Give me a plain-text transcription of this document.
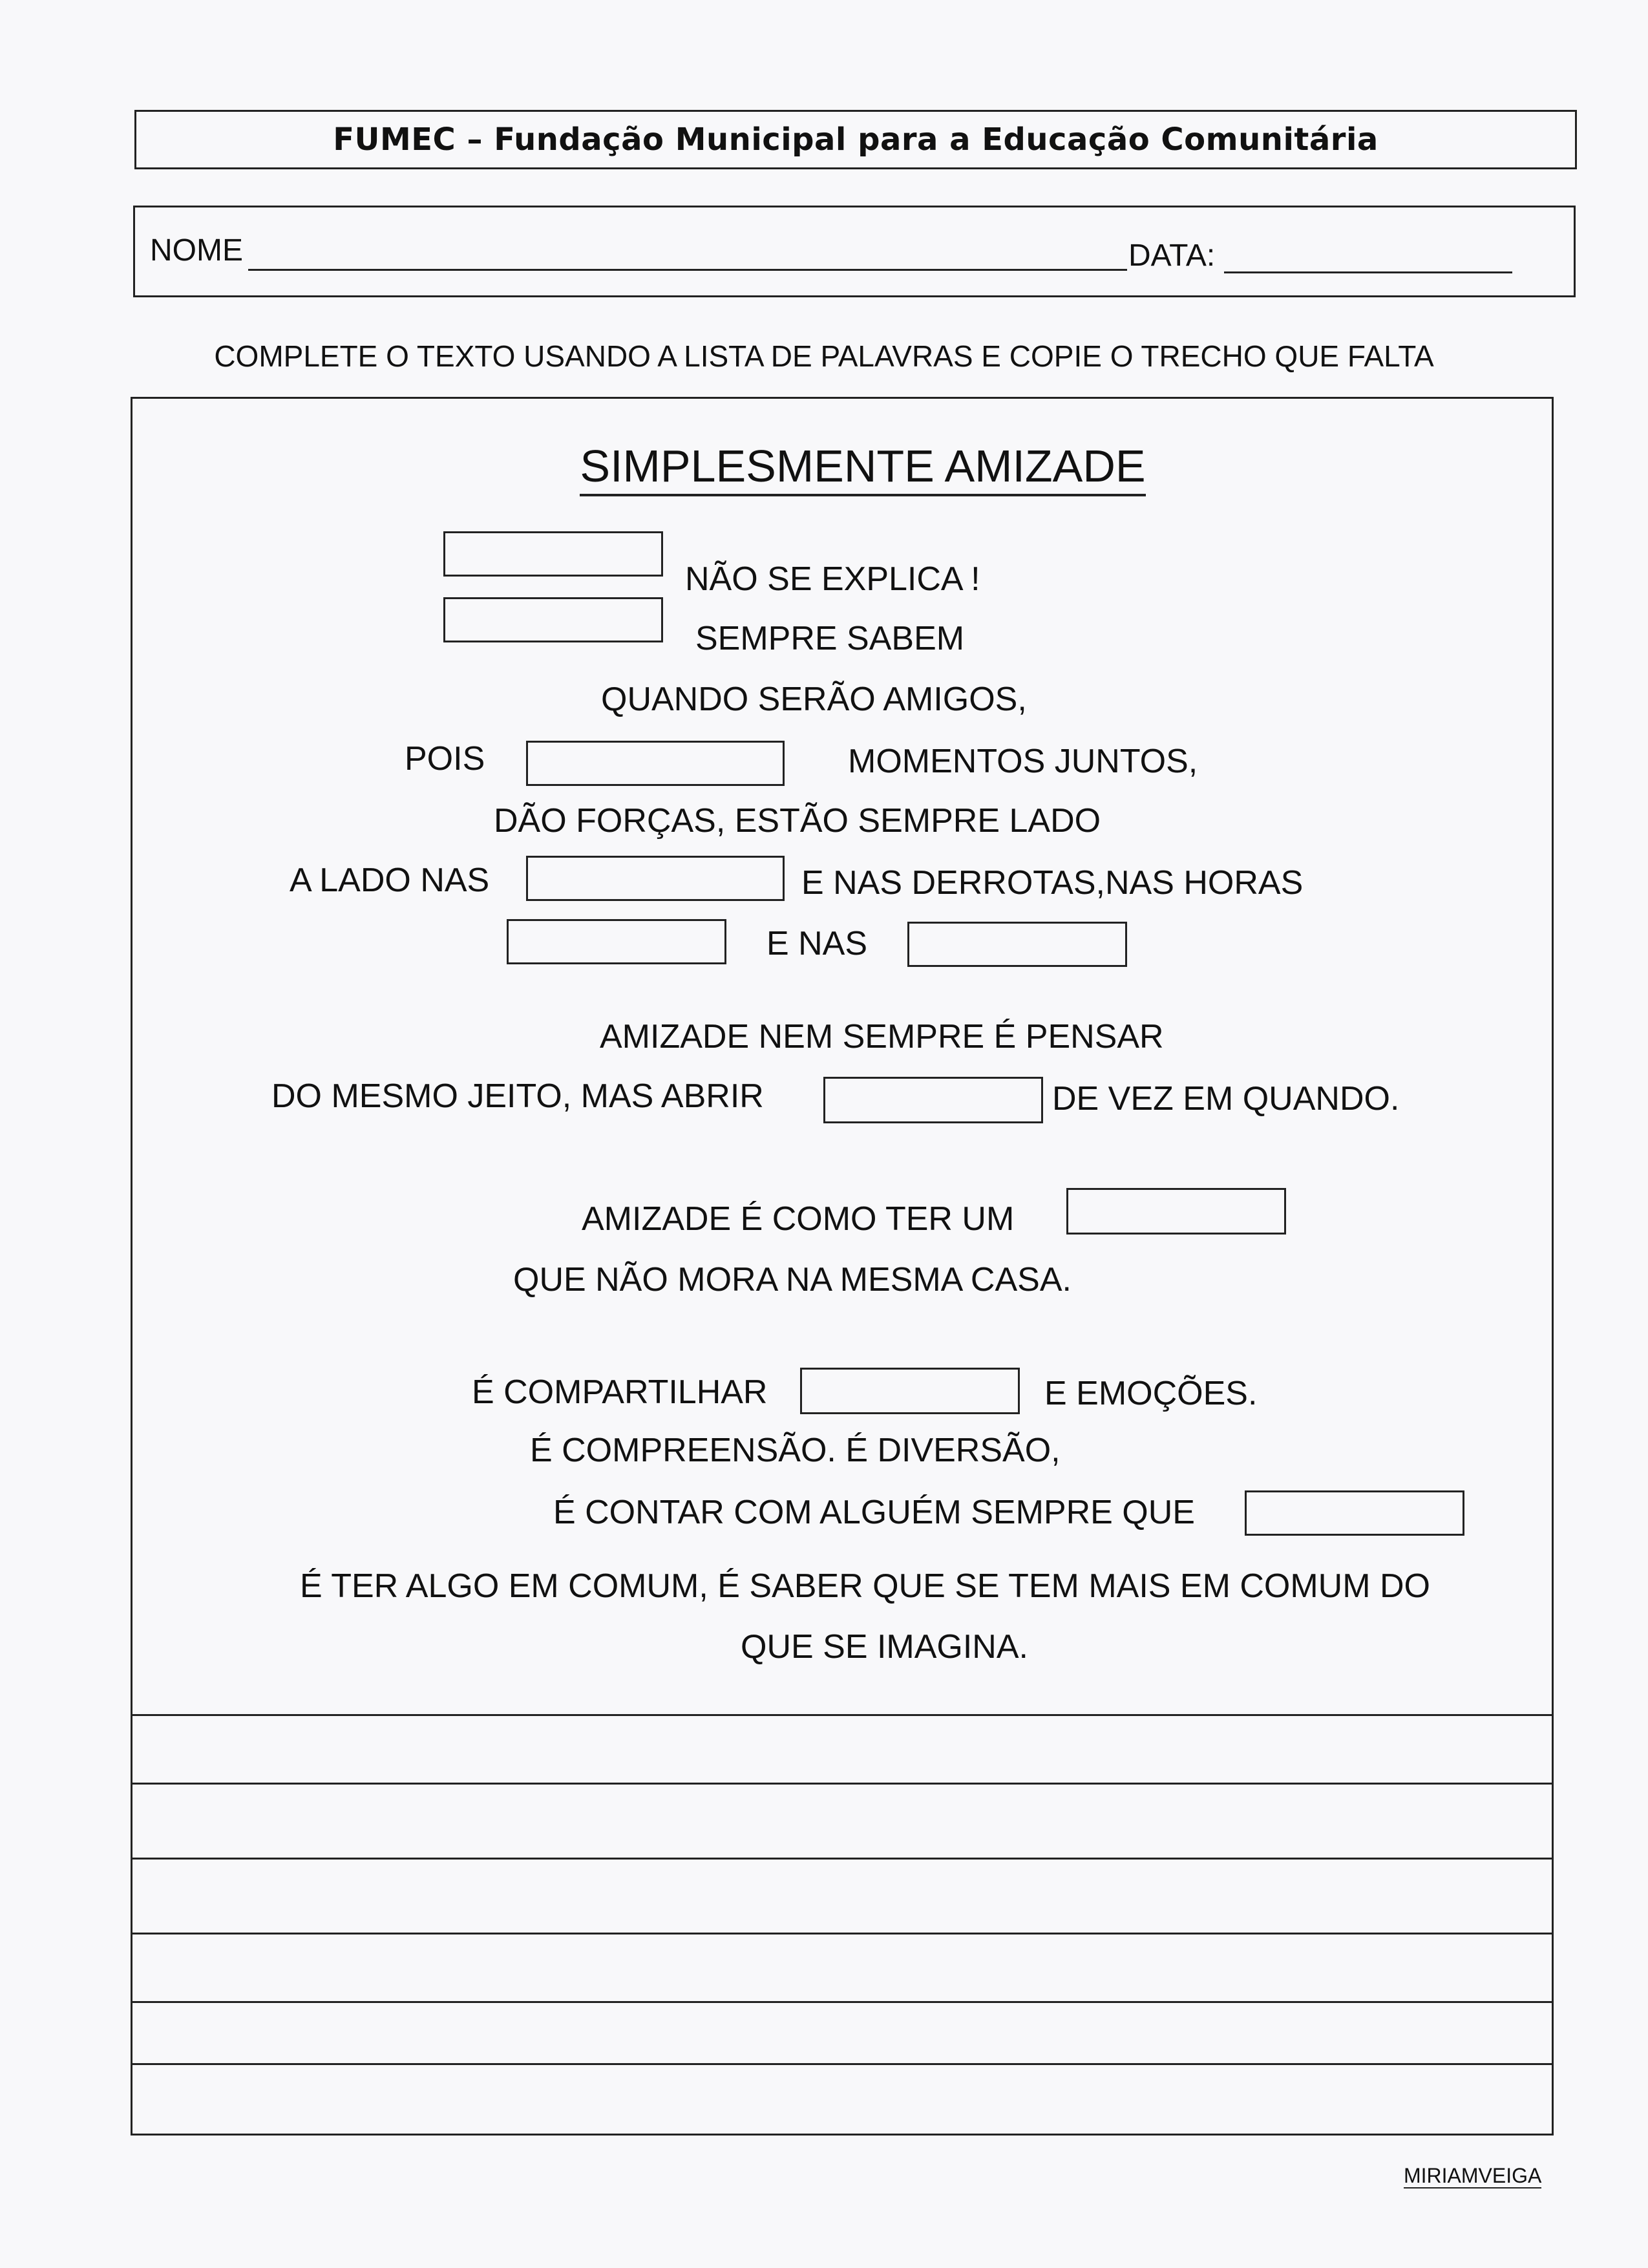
FUMEC – Fundação Municipal para a Educação Comunitária
NOME	DATA:
COMPLETE O TEXTO USANDO A LISTA DE PALAVRAS E COPIE O TRECHO QUE FALTA
SIMPLESMENTE AMIZADE
NÃO SE EXPLICA !
SEMPRE SABEM
QUANDO SERÃO AMIGOS,
POIS	MOMENTOS JUNTOS,
DÃO FORÇAS, ESTÃO SEMPRE LADO
A LADO NAS	E NAS DERROTAS,NAS HORAS
E NAS
AMIZADE NEM SEMPRE É PENSAR
DO MESMO JEITO, MAS ABRIR	DE VEZ EM QUANDO.
AMIZADE É COMO TER UM
QUE NÃO MORA NA MESMA CASA.
É COMPARTILHAR	E EMOÇÕES.
É COMPREENSÃO. É DIVERSÃO,
É CONTAR COM ALGUÉM SEMPRE QUE
É TER ALGO EM COMUM, É SABER QUE SE TEM MAIS EM COMUM DO
QUE SE IMAGINA.
MIRIAMVEIGA
